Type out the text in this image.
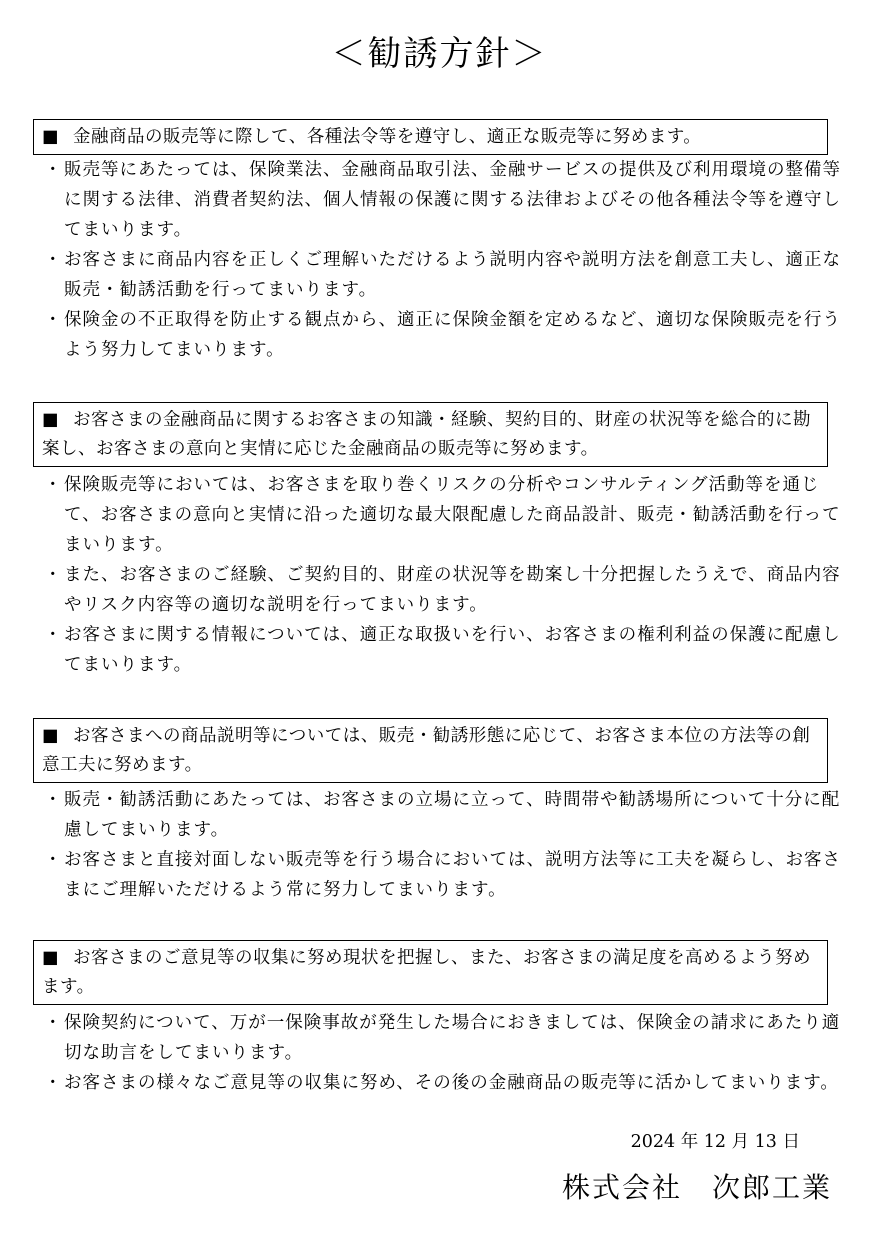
＜勧誘方針＞
■ 金融商品の販売等に際して、各種法令等を遵守し、適正な販売等に努めます。
・ 販売等にあたっては、保険業法、金融商品取引法、金融サービスの提供及び利用環境の整備等に関する法律、消費者契約法、個人情報の保護に関する法律およびその他各種法令等を遵守してまいります。
・ お客さまに商品内容を正しくご理解いただけるよう説明内容や説明方法を創意工夫し、適正な販売・勧誘活動を行ってまいります。
・ 保険金の不正取得を防止する観点から、適正に保険金額を定めるなど、適切な保険販売を行うよう努力してまいります。
■ お客さまの金融商品に関するお客さまの知識・経験、契約目的、財産の状況等を総合的に勘案し、お客さまの意向と実情に応じた金融商品の販売等に努めます。
・ 保険販売等においては、お客さまを取り巻くリスクの分析やコンサルティング活動等を通じて、お客さまの意向と実情に沿った適切な最大限配慮した商品設計、販売・勧誘活動を行ってまいります。
・ また、お客さまのご経験、ご契約目的、財産の状況等を勘案し十分把握したうえで、商品内容やリスク内容等の適切な説明を行ってまいります。
・ お客さまに関する情報については、適正な取扱いを行い、お客さまの権利利益の保護に配慮してまいります。
■ お客さまへの商品説明等については、販売・勧誘形態に応じて、お客さま本位の方法等の創意工夫に努めます。
・ 販売・勧誘活動にあたっては、お客さまの立場に立って、時間帯や勧誘場所について十分に配慮してまいります。
・ お客さまと直接対面しない販売等を行う場合においては、説明方法等に工夫を凝らし、お客さまにご理解いただけるよう常に努力してまいります。
■ お客さまのご意見等の収集に努め現状を把握し、また、お客さまの満足度を高めるよう努めます。
・ 保険契約について、万が一保険事故が発生した場合におきましては、保険金の請求にあたり適切な助言をしてまいります。
・ お客さまの様々なご意見等の収集に努め、その後の金融商品の販売等に活かしてまいります。
2024 年 12 月 13 日
株式会社　次郎工業
